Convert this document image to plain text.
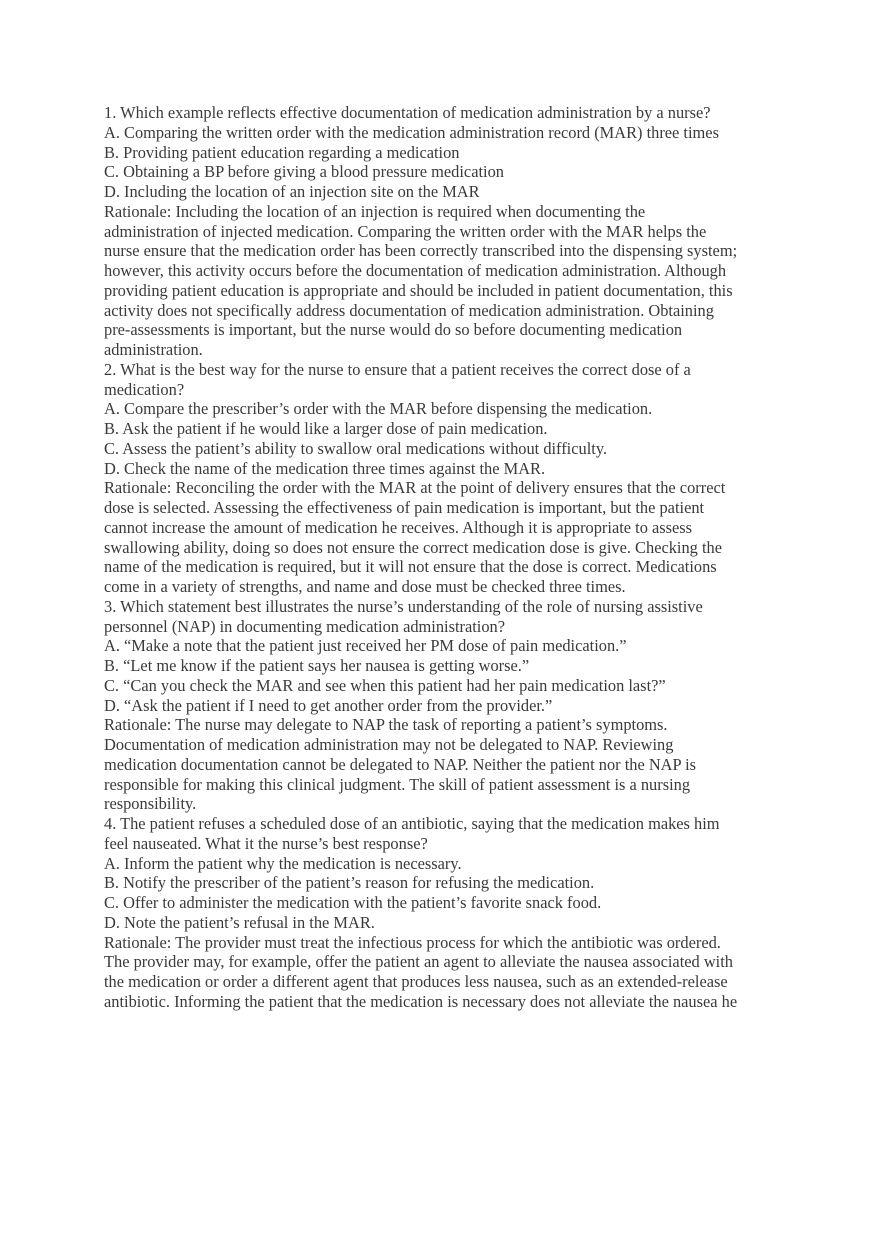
1. Which example reflects effective documentation of medication administration by a nurse?
A. Comparing the written order with the medication administration record (MAR) three times
B. Providing patient education regarding a medication
C. Obtaining a BP before giving a blood pressure medication
D. Including the location of an injection site on the MAR
Rationale: Including the location of an injection is required when documenting the
administration of injected medication. Comparing the written order with the MAR helps the
nurse ensure that the medication order has been correctly transcribed into the dispensing system;
however, this activity occurs before the documentation of medication administration. Although
providing patient education is appropriate and should be included in patient documentation, this
activity does not specifically address documentation of medication administration. Obtaining
pre-assessments is important, but the nurse would do so before documenting medication
administration.
2. What is the best way for the nurse to ensure that a patient receives the correct dose of a
medication?
A. Compare the prescriber’s order with the MAR before dispensing the medication.
B. Ask the patient if he would like a larger dose of pain medication.
C. Assess the patient’s ability to swallow oral medications without difficulty.
D. Check the name of the medication three times against the MAR.
Rationale: Reconciling the order with the MAR at the point of delivery ensures that the correct
dose is selected. Assessing the effectiveness of pain medication is important, but the patient
cannot increase the amount of medication he receives. Although it is appropriate to assess
swallowing ability, doing so does not ensure the correct medication dose is give. Checking the
name of the medication is required, but it will not ensure that the dose is correct. Medications
come in a variety of strengths, and name and dose must be checked three times.
3. Which statement best illustrates the nurse’s understanding of the role of nursing assistive
personnel (NAP) in documenting medication administration?
A. “Make a note that the patient just received her PM dose of pain medication.”
B. “Let me know if the patient says her nausea is getting worse.”
C. “Can you check the MAR and see when this patient had her pain medication last?”
D. “Ask the patient if I need to get another order from the provider.”
Rationale: The nurse may delegate to NAP the task of reporting a patient’s symptoms.
Documentation of medication administration may not be delegated to NAP. Reviewing
medication documentation cannot be delegated to NAP. Neither the patient nor the NAP is
responsible for making this clinical judgment. The skill of patient assessment is a nursing
responsibility.
4. The patient refuses a scheduled dose of an antibiotic, saying that the medication makes him
feel nauseated. What it the nurse’s best response?
A. Inform the patient why the medication is necessary.
B. Notify the prescriber of the patient’s reason for refusing the medication.
C. Offer to administer the medication with the patient’s favorite snack food.
D. Note the patient’s refusal in the MAR.
Rationale: The provider must treat the infectious process for which the antibiotic was ordered.
The provider may, for example, offer the patient an agent to alleviate the nausea associated with
the medication or order a different agent that produces less nausea, such as an extended-release
antibiotic. Informing the patient that the medication is necessary does not alleviate the nausea he
